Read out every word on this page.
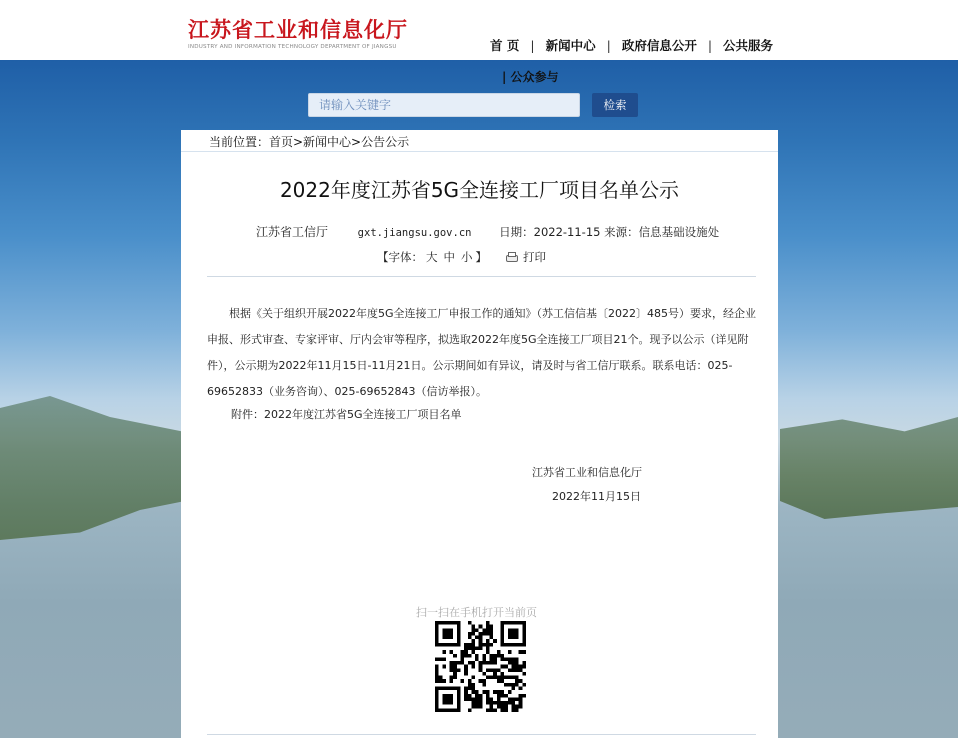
江苏省工业和信息化厅
INDUSTRY AND INFORMATION TECHNOLOGY DEPARTMENT OF JIANGSU	首 页 | 新闻中心 | 政府信息公开 | 公共服务
| 公众参与
请输入关键字
检索
当前位置：首页>新闻中心>公告公示
2022年度江苏省5G全连接工厂项目名单公示
江苏省工信厅	gxt.jiangsu.gov.cn 日期：2022-11-15 来源：信息基础设施处
【字体： 大 中 小 】	打印

根据《关于组织开展2022年度5G全连接工厂申报工作的通知》（苏工信信基〔2022〕485号）要求，经企业申报、形式审查、专家评审、厅内会审等程序，拟选取2022年度5G全连接工厂项目21个。现予以公示（详见附件），公示期为2022年11月15日-11月21日。公示期间如有异议，请及时与省工信厅联系。联系电话：025-69652833（业务咨询）、025-69652843（信访举报）。

附件：2022年度江苏省5G全连接工厂项目名单
江苏省工业和信息化厅
2022年11月15日
扫一扫在手机打开当前页
